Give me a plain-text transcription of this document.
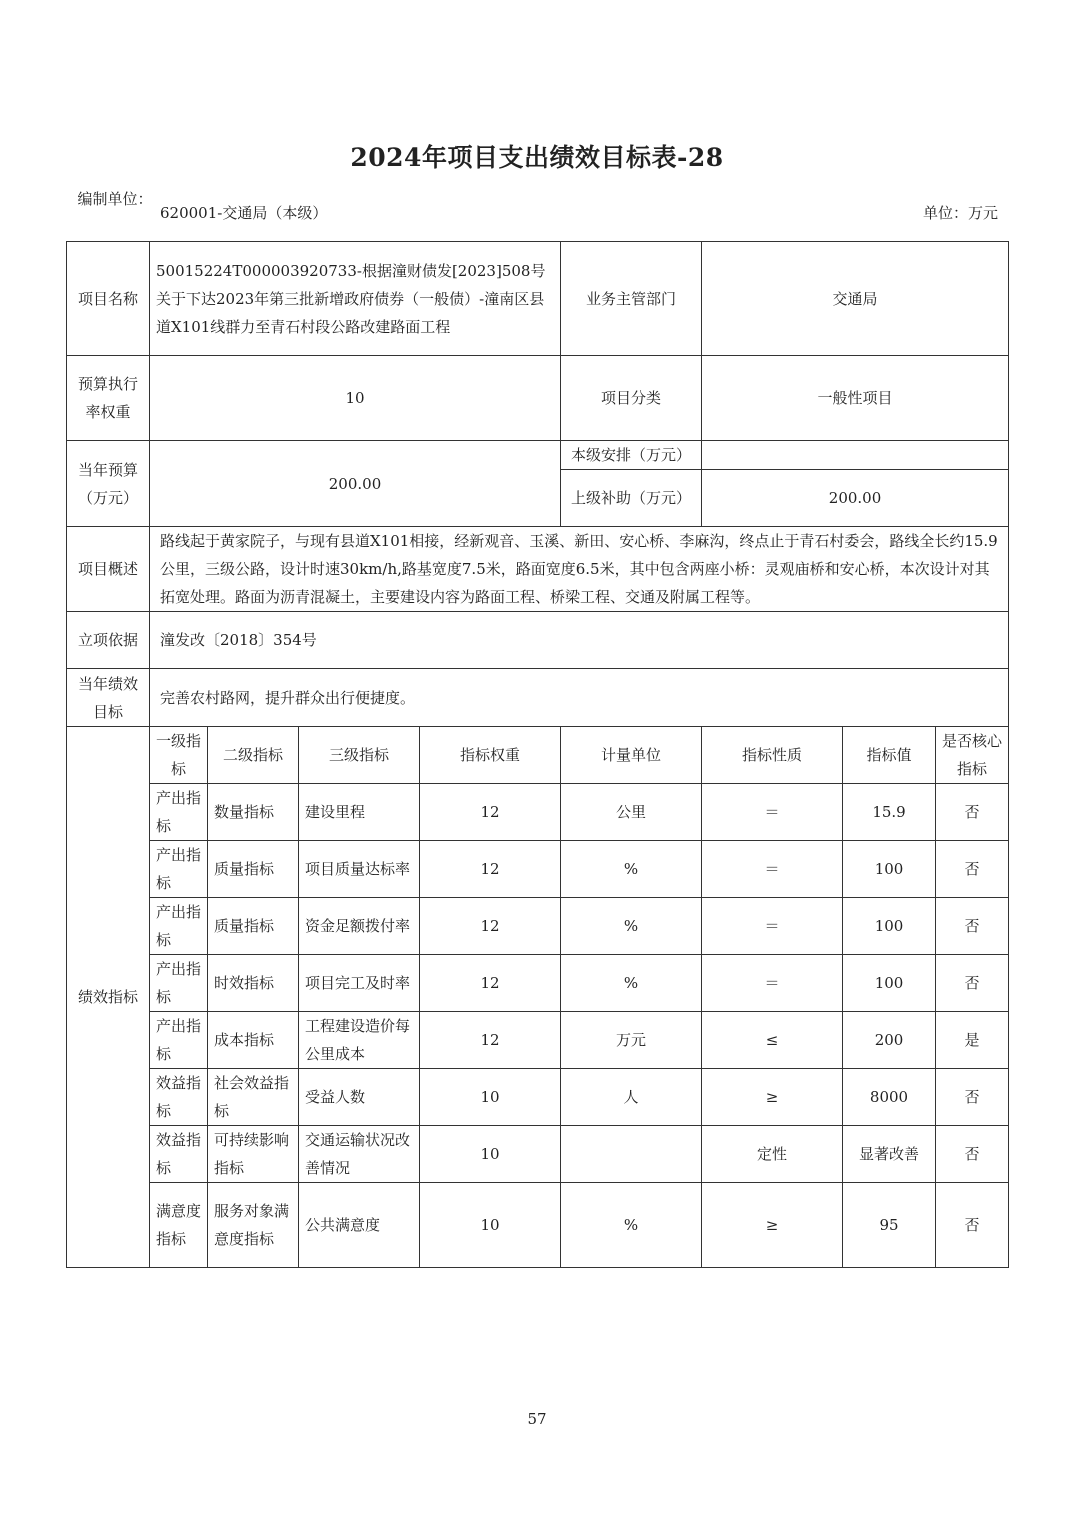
2024年项目支出绩效目标表-28
编制单位：
620001-交通局（本级）	单位：万元
项目名称	50015224T000003920733-根据潼财债发[2023]508号关于下达2023年第三批新增政府债券（一般债）-潼南区县道X101线群力至青石村段公路改建路面工程				业务主管部门	交通局		
预算执行率权重	10				项目分类	一般性项目		
当年预算（万元）	200.00				本级安排（万元）			
					上级补助（万元）	200.00		
项目概述	路线起于黄家院子，与现有县道X101相接，经新观音、玉溪、新田、安心桥、李麻沟，终点止于青石村委会，路线全长约15.9公里，三级公路，设计时速30km/h,路基宽度7.5米，路面宽度6.5米，其中包含两座小桥：灵观庙桥和安心桥，本次设计对其拓宽处理。路面为沥青混凝土，主要建设内容为路面工程、桥梁工程、交通及附属工程等。							
立项依据	潼发改〔2018〕354号							
当年绩效目标	完善农村路网，提升群众出行便捷度。							
绩效指标	一级指标	二级指标	三级指标	指标权重	计量单位	指标性质	指标值	是否核心指标
	产出指标	数量指标	建设里程	12	公里	＝	15.9	否
	产出指标	质量指标	项目质量达标率	12	%	＝	100	否
	产出指标	质量指标	资金足额拨付率	12	%	＝	100	否
	产出指标	时效指标	项目完工及时率	12	%	＝	100	否
	产出指标	成本指标	工程建设造价每公里成本	12	万元	≤	200	是
	效益指标	社会效益指标	受益人数	10	人	≥	8000	否
	效益指标	可持续影响指标	交通运输状况改善情况	10		定性	显著改善	否
	满意度指标	服务对象满意度指标	公共满意度	10	%	≥	95	否
57
